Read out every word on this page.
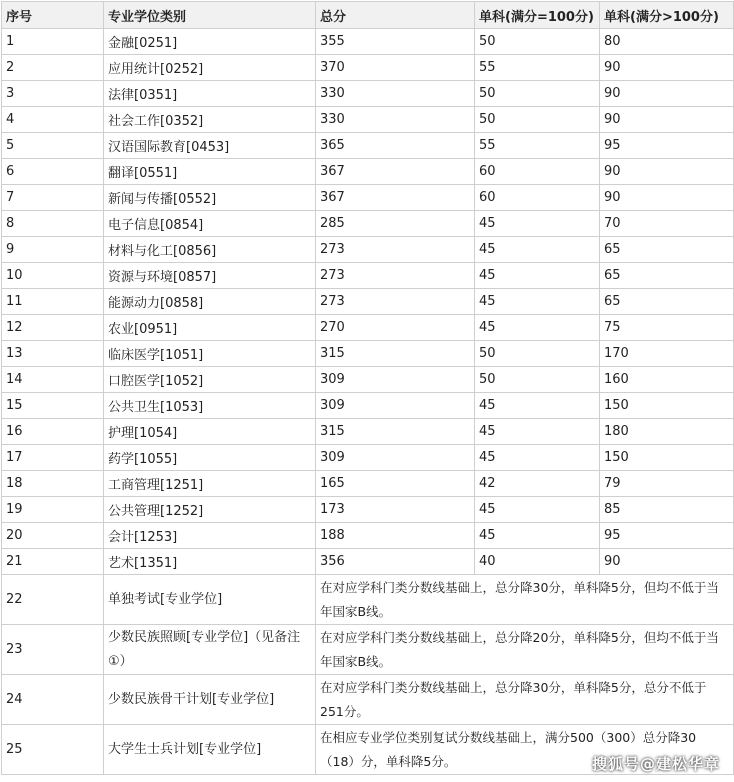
序号	专业学位类别	总分	单科(满分=100分)	单科(满分>100分)
1	金融[0251]	355	50	80
2	应用统计[0252]	370	55	90
3	法律[0351]	330	50	90
4	社会工作[0352]	330	50	90
5	汉语国际教育[0453]	365	55	95
6	翻译[0551]	367	60	90
7	新闻与传播[0552]	367	60	90
8	电子信息[0854]	285	45	70
9	材料与化工[0856]	273	45	65
10	资源与环境[0857]	273	45	65
11	能源动力[0858]	273	45	65
12	农业[0951]	270	45	75
13	临床医学[1051]	315	50	170
14	口腔医学[1052]	309	50	160
15	公共卫生[1053]	309	45	150
16	护理[1054]	315	45	180
17	药学[1055]	309	45	150
18	工商管理[1251]	165	42	79
19	公共管理[1252]	173	45	85
20	会计[1253]	188	45	95
21	艺术[1351]	356	40	90
22	单独考试[专业学位]	在对应学科门类分数线基础上，总分降30分，单科降5分，但均不低于当年国家B线。		
23	少数民族照顾[专业学位]（见备注①）	在对应学科门类分数线基础上，总分降20分，单科降5分，但均不低于当年国家B线。		
24	少数民族骨干计划[专业学位]	在对应学科门类分数线基础上，总分降30分，单科降5分，总分不低于251分。		
25	大学生士兵计划[专业学位]	在相应专业学位类别复试分数线基础上，满分500（300）总分降30（18）分，单科降5分。			搜狐号@建松华章
